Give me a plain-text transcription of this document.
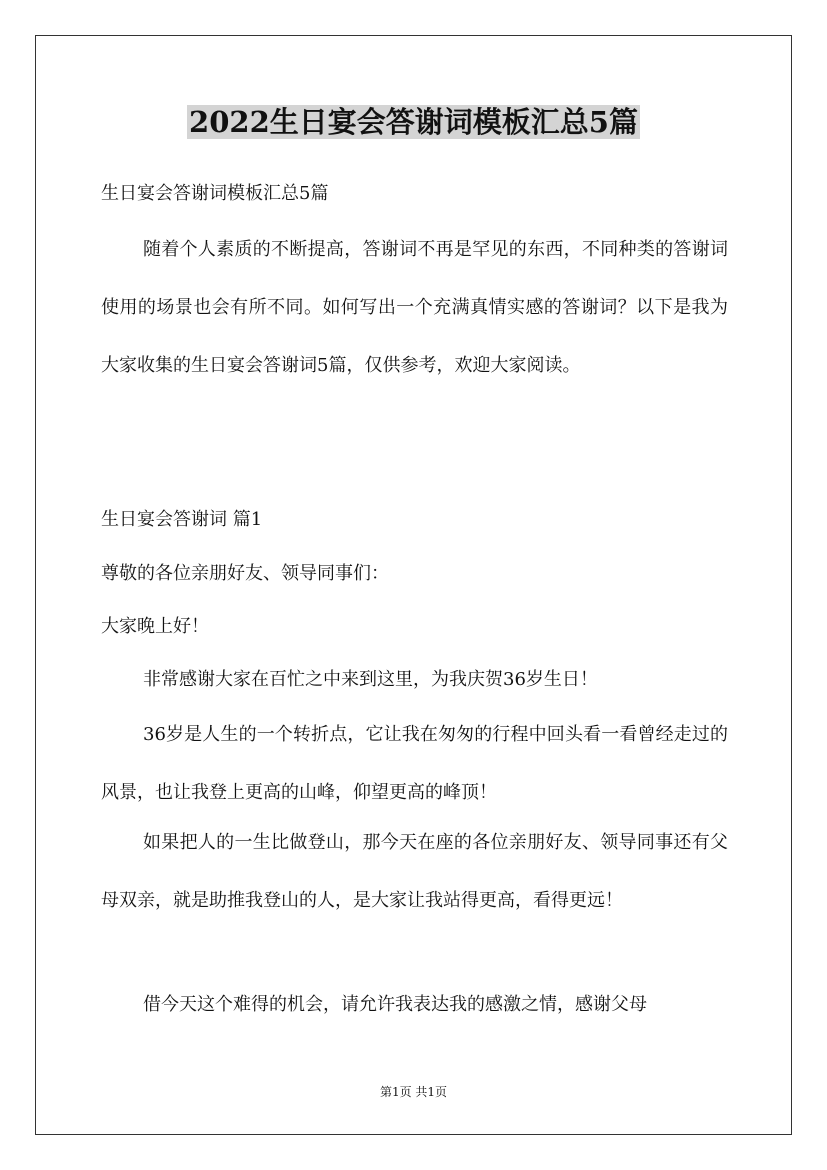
2022生日宴会答谢词模板汇总5篇
生日宴会答谢词模板汇总5篇

随着个人素质的不断提高，答谢词不再是罕见的东西，不同种类的答谢词使用的场景也会有所不同。如何写出一个充满真情实感的答谢词？以下是我为大家收集的生日宴会答谢词5篇，仅供参考，欢迎大家阅读。

生日宴会答谢词 篇1
尊敬的各位亲朋好友、领导同事们：
大家晚上好！

非常感谢大家在百忙之中来到这里，为我庆贺36岁生日！

36岁是人生的一个转折点，它让我在匆匆的行程中回头看一看曾经走过的风景，也让我登上更高的山峰，仰望更高的峰顶！

如果把人的一生比做登山，那今天在座的各位亲朋好友、领导同事还有父母双亲，就是助推我登山的人，是大家让我站得更高，看得更远！

借今天这个难得的机会，请允许我表达我的感激之情，感谢父母

第1页 共1页
